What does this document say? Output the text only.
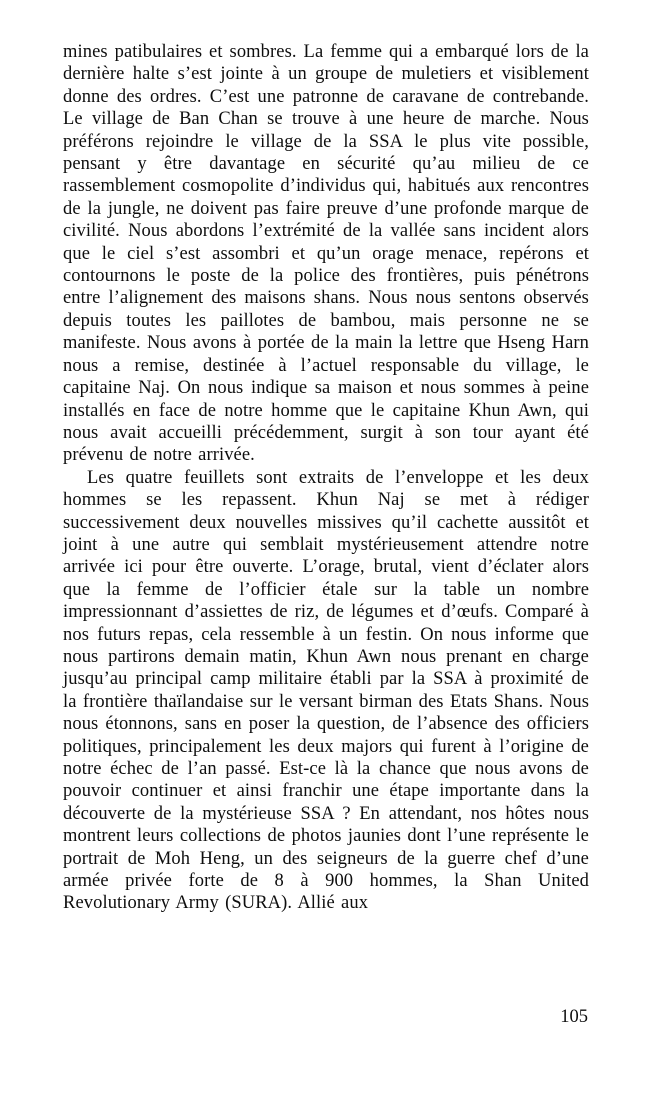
mines patibulaires et sombres. La femme qui a embarqué lors de la dernière halte s’est jointe à un groupe de muletiers et visiblement donne des ordres. C’est une patronne de caravane de contrebande. Le village de Ban Chan se trouve à une heure de marche. Nous préférons rejoindre le village de la SSA le plus vite possible, pensant y être davantage en sécurité qu’au milieu de ce rassemblement cosmopolite d’individus qui, habitués aux rencontres de la jungle, ne doivent pas faire preuve d’une profonde marque de civilité. Nous abordons l’extrémité de la vallée sans incident alors que le ciel s’est assombri et qu’un orage menace, repérons et contournons le poste de la police des frontières, puis pénétrons entre l’alignement des maisons shans. Nous nous sentons observés depuis toutes les paillotes de bambou, mais personne ne se manifeste. Nous avons à portée de la main la lettre que Hseng Harn nous a remise, destinée à l’actuel responsable du village, le capitaine Naj. On nous indique sa maison et nous sommes à peine installés en face de notre homme que le capitaine Khun Awn, qui nous avait accueilli précédemment, surgit à son tour ayant été prévenu de notre arrivée.

Les quatre feuillets sont extraits de l’enveloppe et les deux hommes se les repassent. Khun Naj se met à rédiger successivement deux nouvelles missives qu’il cachette aussitôt et joint à une autre qui semblait mystérieusement attendre notre arrivée ici pour être ouverte. L’orage, brutal, vient d’éclater alors que la femme de l’officier étale sur la table un nombre impressionnant d’assiettes de riz, de légumes et d’œufs. Comparé à nos futurs repas, cela ressemble à un festin. On nous informe que nous partirons demain matin, Khun Awn nous prenant en charge jusqu’au principal camp militaire établi par la SSA à proximité de la frontière thaïlandaise sur le versant birman des Etats Shans. Nous nous étonnons, sans en poser la question, de l’absence des officiers politiques, principalement les deux majors qui furent à l’origine de notre échec de l’an passé. Est-ce là la chance que nous avons de pouvoir continuer et ainsi franchir une étape importante dans la découverte de la mystérieuse SSA ? En attendant, nos hôtes nous montrent leurs collections de photos jaunies dont l’une représente le portrait de Moh Heng, un des seigneurs de la guerre chef d’une armée privée forte de 8 à 900 hommes, la Shan United Revolutionary Army (SURA). Allié aux

105
